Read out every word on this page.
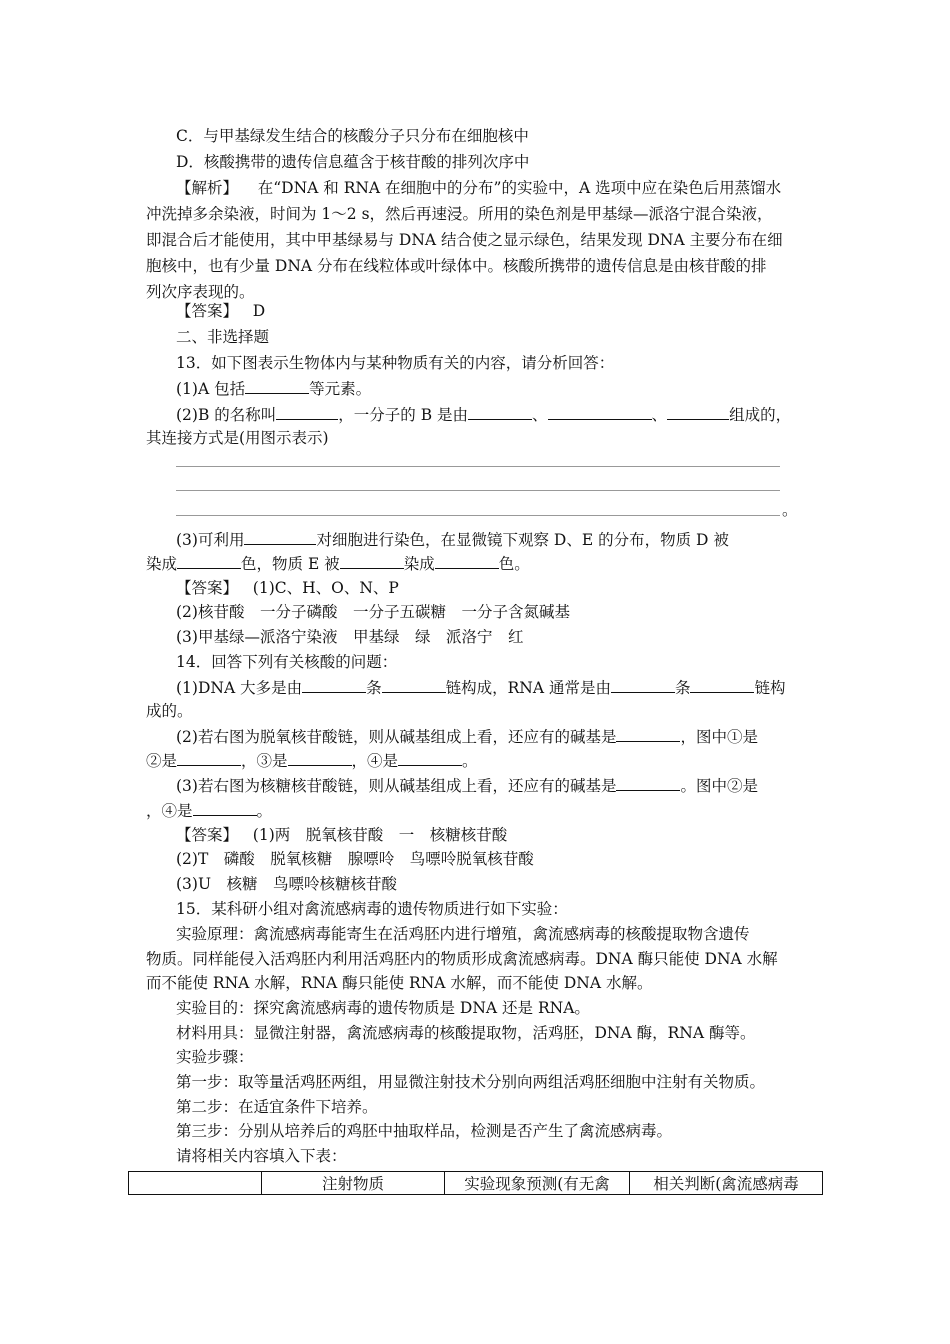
C．与甲基绿发生结合的核酸分子只分布在细胞核中
D．核酸携带的遗传信息蕴含于核苷酸的排列次序中
【解析】 在“DNA 和 RNA 在细胞中的分布”的实验中，A 选项中应在染色后用蒸馏水
冲洗掉多余染液，时间为 1～2 s，然后再速浸。所用的染色剂是甲基绿—派洛宁混合染液，
即混合后才能使用，其中甲基绿易与 DNA 结合使之显示绿色，结果发现 DNA 主要分布在细
胞核中，也有少量 DNA 分布在线粒体或叶绿体中。核酸所携带的遗传信息是由核苷酸的排
列次序表现的。
【答案】 D
二、非选择题
13．如下图表示生物体内与某种物质有关的内容，请分析回答：
(1)A 包括	等元素。
(2)B 的名称叫	，一分子的 B 是由	、	、	组成的，
其连接方式是(用图示表示)
。
(3)可利用	对细胞进行染色，在显微镜下观察 D、E 的分布，物质 D 被
染成	色，物质 E 被	染成	色。
【答案】 (1)C、H、O、N、P
(2)核苷酸　一分子磷酸　一分子五碳糖　一分子含氮碱基
(3)甲基绿—派洛宁染液　甲基绿　绿　派洛宁　红
14．回答下列有关核酸的问题：
(1)DNA 大多是由	条	链构成，RNA 通常是由	条	链构
成的。
(2)若右图为脱氧核苷酸链，则从碱基组成上看，还应有的碱基是	，图中①是
②是	，③是	，④是	。
(3)若右图为核糖核苷酸链，则从碱基组成上看，还应有的碱基是	。图中②是
，④是	。
【答案】 (1)两　脱氧核苷酸　一　核糖核苷酸
(2)T　磷酸　脱氧核糖　腺嘌呤　鸟嘌呤脱氧核苷酸
(3)U　核糖　鸟嘌呤核糖核苷酸
15．某科研小组对禽流感病毒的遗传物质进行如下实验：
实验原理：禽流感病毒能寄生在活鸡胚内进行增殖，禽流感病毒的核酸提取物含遗传
物质。同样能侵入活鸡胚内利用活鸡胚内的物质形成禽流感病毒。DNA 酶只能使 DNA 水解
而不能使 RNA 水解，RNA 酶只能使 RNA 水解，而不能使 DNA 水解。
实验目的：探究禽流感病毒的遗传物质是 DNA 还是 RNA。
材料用具：显微注射器，禽流感病毒的核酸提取物，活鸡胚，DNA 酶，RNA 酶等。
实验步骤：
第一步：取等量活鸡胚两组，用显微注射技术分别向两组活鸡胚细胞中注射有关物质。
第二步：在适宜条件下培养。
第三步：分别从培养后的鸡胚中抽取样品，检测是否产生了禽流感病毒。
请将相关内容填入下表：
	注射物质	实验现象预测(有无禽	相关判断(禽流感病毒
